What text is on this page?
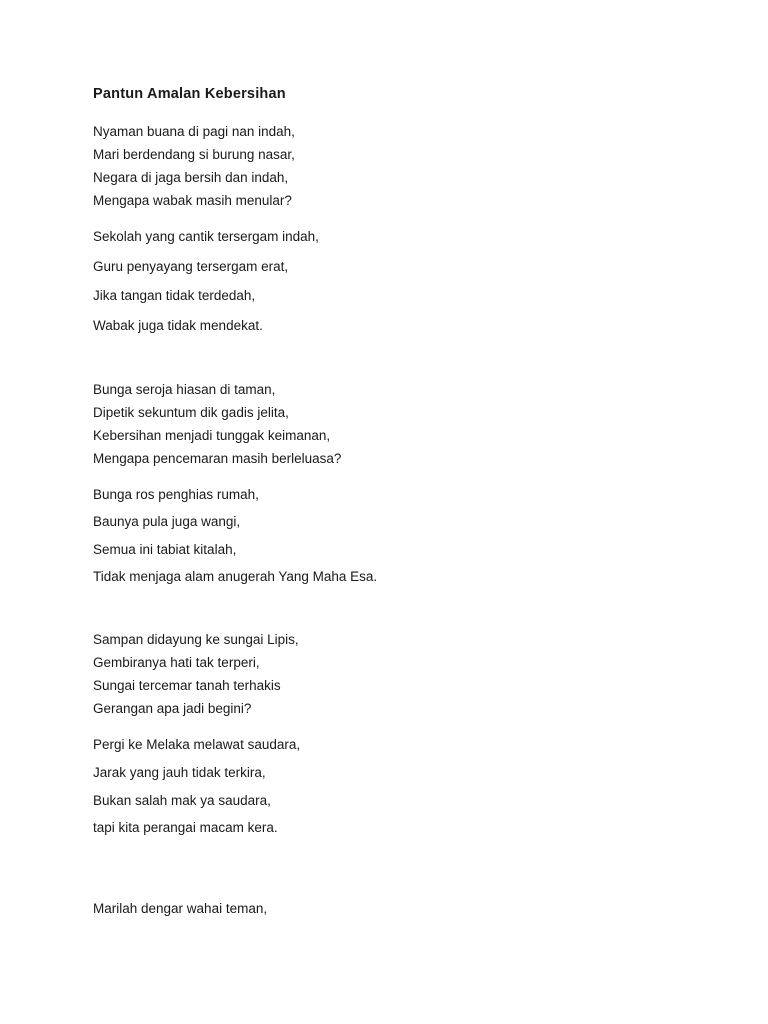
Pantun Amalan Kebersihan
Nyaman buana di pagi nan indah,
Mari berdendang si burung nasar,
Negara di jaga bersih dan indah,
Mengapa wabak masih menular?
Sekolah yang cantik tersergam indah,
Guru penyayang tersergam erat,
Jika tangan tidak terdedah,
Wabak juga tidak mendekat.
Bunga seroja hiasan di taman,
Dipetik sekuntum dik gadis jelita,
Kebersihan menjadi tunggak keimanan,
Mengapa pencemaran masih berleluasa?
Bunga ros penghias rumah,
Baunya pula juga wangi,
Semua ini tabiat kitalah,
Tidak menjaga alam anugerah Yang Maha Esa.
Sampan didayung ke sungai Lipis,
Gembiranya hati tak terperi,
Sungai tercemar tanah terhakis
Gerangan apa jadi begini?
Pergi ke Melaka melawat saudara,
Jarak yang jauh tidak terkira,
Bukan salah mak ya saudara,
tapi kita perangai macam kera.
Marilah dengar wahai teman,
